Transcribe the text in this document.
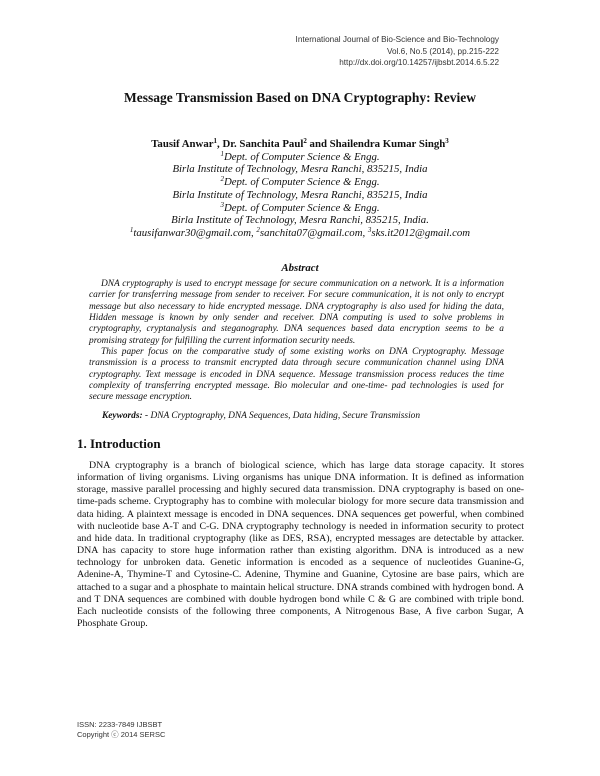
International Journal of Bio-Science and Bio-Technology
Vol.6, No.5 (2014), pp.215-222
http://dx.doi.org/10.14257/ijbsbt.2014.6.5.22
Message Transmission Based on DNA Cryptography: Review
Tausif Anwar$^1$, Dr. Sanchita Paul$^2$ and Shailendra Kumar Singh$^3$
$^1$Dept. of Computer Science & Engg.
Birla Institute of Technology, Mesra Ranchi, 835215, India
$^2$Dept. of Computer Science & Engg.
Birla Institute of Technology, Mesra Ranchi, 835215, India
$^3$Dept. of Computer Science & Engg.
Birla Institute of Technology, Mesra Ranchi, 835215, India.
$^1$tausifanwar30@gmail.com, $^2$sanchita07@gmail.com, $^3$sks.it2012@gmail.com
Abstract

DNA cryptography is used to encrypt message for secure communication on a network. It is a information carrier for transferring message from sender to receiver. For secure communication, it is not only to encrypt message but also necessary to hide encrypted message. DNA cryptography is also used for hiding the data, Hidden message is known by only sender and receiver. DNA computing is used to solve problems in cryptography, cryptanalysis and steganography. DNA sequences based data encryption seems to be a promising strategy for fulfilling the current information security needs.

This paper focus on the comparative study of some existing works on DNA Cryptography. Message transmission is a process to transmit encrypted data through secure communication channel using DNA cryptography. Text message is encoded in DNA sequence. Message transmission process reduces the time complexity of transferring encrypted message. Bio molecular and one-time- pad technologies is used for secure message encryption.

Keywords: - DNA Cryptography, DNA Sequences, Data hiding, Secure Transmission
1. Introduction

DNA cryptography is a branch of biological science, which has large data storage capacity. It stores information of living organisms. Living organisms has unique DNA information. It is defined as information storage, massive parallel processing and highly secured data transmission. DNA cryptography is based on one-time-pads scheme. Cryptography has to combine with molecular biology for more secure data transmission and data hiding. A plaintext message is encoded in DNA sequences. DNA sequences get powerful, when combined with nucleotide base A-T and C-G. DNA cryptography technology is needed in information security to protect and hide data. In traditional cryptography (like as DES, RSA), encrypted messages are detectable by attacker. DNA has capacity to store huge information rather than existing algorithm. DNA is introduced as a new technology for unbroken data. Genetic information is encoded as a sequence of nucleotides Guanine-G, Adenine-A, Thymine-T and Cytosine-C. Adenine, Thymine and Guanine, Cytosine are base pairs, which are attached to a sugar and a phosphate to maintain helical structure. DNA strands combined with hydrogen bond. A and T DNA sequences are combined with double hydrogen bond while C & G are combined with triple bond. Each nucleotide consists of the following three components, A Nitrogenous Base, A five carbon Sugar, A Phosphate Group.

ISSN: 2233-7849 IJBSBT
Copyright ⓒ 2014 SERSC
